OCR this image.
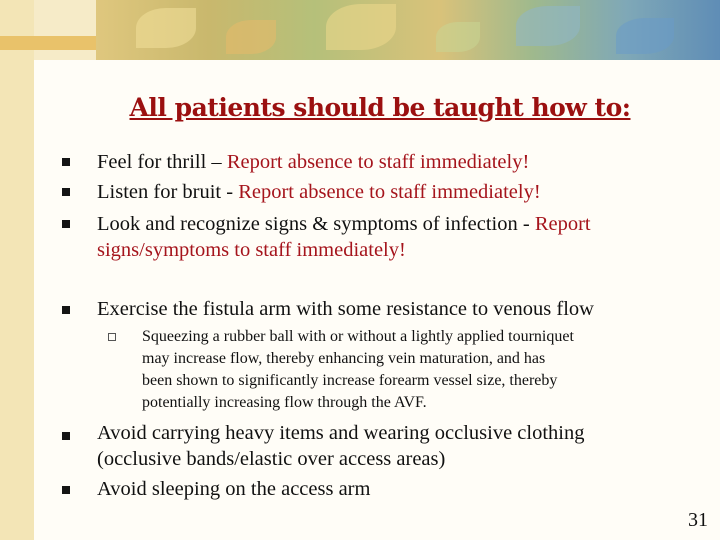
All patients should be taught how to:
Feel for thrill – Report absence to staff immediately!
Listen for bruit - Report absence to staff immediately!
Look and recognize signs & symptoms of infection - Report
signs/symptoms to staff immediately!
Exercise the fistula arm with some resistance to venous flow
Squeezing a rubber ball with or without a lightly applied tourniquet
may increase flow, thereby enhancing vein maturation, and has
been shown to significantly increase forearm vessel size, thereby
potentially increasing flow through the AVF.
Avoid carrying heavy items and wearing occlusive clothing
(occlusive bands/elastic over access areas)
Avoid sleeping on the access arm
31
